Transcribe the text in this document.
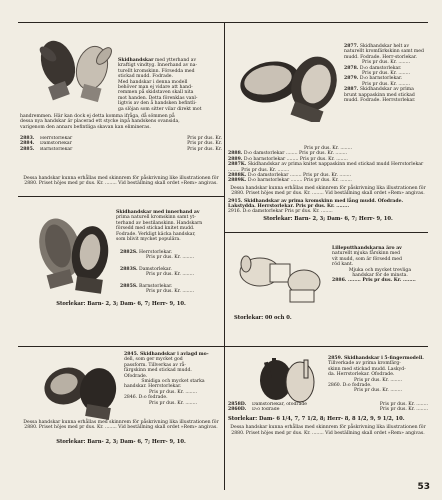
Skidhandskar med ytterhand av

kraftigt vindtyg. Innerhand av na-

turellt kromskinn. Försedda med

stickad mudd. Fodrade.

Med handskar i denna modell

behöver man ej vidare att hand-

remmen på skidstaven skall nita

mot handen. Detta förenklas vanl-

ligtvis av den å handsken befintli-

ga slöjan som sitter vilar direkt mot

handremmen. Här kan dock ej detta komma ifråga, då sömmen på

dessa nya handskar är placerad ett stycke inpå handskens ovansida,

varigenom den annars befintliga skavan kan elimineras.

2883.	Herrstorlekar	Pris pr dus. Kr.
2884.	Damstorlekar	Pris pr dus. Kr.
2885.	Barnstorlekar	Pris pr dus. Kr.

Dessa handskar kunna erhållas med skinnrem för påskrivning like illustrationen för 2880. Priset höjes med pr dus. Kr. ........ Vid beställning skall ordet »Rem» angivas.

2877. Skidhandskar helt av naturellt kromfärkskinn samt med mudd. Fodrade. Herr-storlekar.

Pris pr dus. Kr. ........

2878. D:o damstorlekar.

Pris pr dus. Kr. ........

2879. D:o barnstorlekar.

Pris pr dus. Kr. ........

2887. Skidhandskar av prima brunt nappaskinn med stickad mudd. Fodrade. Herrstorlekar.

Pris pr dus. Kr. ........

2888. D:o damstorlekar ........ Pris pr dus. Kr. ........

2889. D:o barnstorlekar ........ Pris pr dus. Kr. ........

2887K. Skidhandskar av prima knitet nappaskinn med stickad mudd Herrstorlekar ........ Pris pr dus. Kr. ........

2888K. D:o damstorlekar ........ Pris pr dus. Kr. ........

2889K. D:o barnstorlekar ........ Pris pr dus. Kr. ........

Dessa handskar kunna erhållas med skinnrem för påskrivning lika illustrationen för 2880. Priset höjes med pr dus. Kr. ........ Vid beställning skall ordet »Rem» angivas.

2915. Skidhandskar av prima kromskinn med lång mudd. Ofodrade. Lakstydda. Herrstorlekar. Pris pr dus. Kr. ........

2916. D:o damstorlekar Pris pr dus. Kr. ........

Storlekar: Barn- 2, 3; Dam- 6, 7; Herr- 9, 10.

Skidhandskar med innerhand av

prima naturell kromskinn samt yt-

terhand av bestilanskinn. Handskarn

försedd med stickad knitet mudd.

Fodrade. Verkligt käcka handskar,

som blivit mycket populära.

2882S. Herrstorlekar.

Pris pr dus. Kr. ........

2883S. Damstorlekar.

Pris pr dus. Kr. ........

2885S. Barnstorlekar.

Pris pr dus. Kr. ........

Storlekar: Barn- 2, 3; Dam- 6, 7; Herr- 9, 10.

Lilleputthandskarna äro av

naturellt mjuka fårskinn med

vit mudd, som är försedd med

röd kant.

Mjuka och mycket trevliga

handskar för de minsta.

2886. ........ Pris pr dus. Kr. ........

Storlekar: 00 och 0.

2845. Skidhandskar i avlagd mo-

dell, som ger mycket god

passform. Tillverkas av rå-

färgskinn med stickad mudd.

Ofodrade.

Smidiga och mycket starka

handskar. Herrstorlekar.

Pris pr dus. Kr. ........

2846. D:o fodrade.

Pris pr dus. Kr. ........

Dessa handskar kunna erhållas med skinnrem för påskrivning lika illustrationen för 2880. Priset höjes med pr dus. Kr. ........ Vid beställning skall ordet »Rem» angivas.

Storlekar: Barn- 2, 3; Dam- 6, 7; Herr- 9, 10.

2859. Skidhandskar i 5-fingermodell.

Tillverkade av prima kromfärg-

skinn med stickad mudd. Laskyd-

da. Herrstorlekar. Ofodrade.

Pris pr dus. Kr. ........

2860. D:o fodrade.

Pris pr dus. Kr. ........

2858D.	Damstorlekar, ofodrade	Pris pr dus. Kr. ........
2860D.	D:o fodrade	Pris pr dus. Kr. ........

Storlekar: Dam- 6 1/4, 7, 7 1/2, 8; Herr- 8, 8 1/2, 9, 9 1/2, 10.

Dessa handskar kunna erhållas med skinnrem för påskrivning lika illustrationen för 2880. Priset höjes med pr dus. Kr. ........ Vid beställning skall ordet »Rem» angivas.

53
